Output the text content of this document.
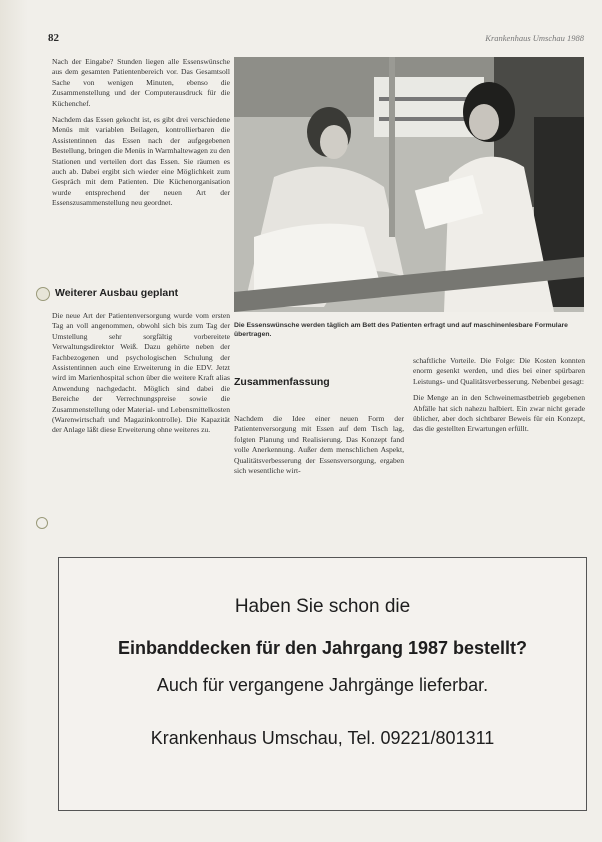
82	Krankenhaus Umschau 1988

Nach der Eingabe? Stunden liegen alle Essenswünsche aus dem gesamten Patientenbereich vor. Das Gesamtsoll Sache von wenigen Minuten, ebenso die Zusammenstellung und der Computerausdruck für die Küchenchef.

Nachdem das Essen gekocht ist, es gibt drei verschiedene Menüs mit variablen Beilagen, kontrollierbaren die Assistentinnen das Essen nach der aufgegebenen Bestellung, bringen die Menüs in Warmhaltewagen zu den Stationen und verteilen dort das Essen. Sie räumen es auch ab. Dabei ergibt sich wieder eine Möglichkeit zum Gespräch mit dem Patienten. Die Küchenorganisation wurde entsprechend der neuen Art der Essenszusammenstellung neu geordnet.

Weiterer Ausbau geplant

Die neue Art der Patientenversorgung wurde vom ersten Tag an voll angenommen, obwohl sich bis zum Tag der Umstellung sehr sorgfältig vorbereitete Verwaltungsdirektor Weiß. Dazu gehörte neben der Fachbezogenen und psychologischen Schulung der Assistentinnen auch eine Erweiterung in die EDV. Jetzt wird im Marienhospital schon über die weitere Kraft alias Anwendung nachgedacht. Möglich sind dabei die Bereiche der Verrechnungspreise sowie die Zusammenstellung oder Material- und Lebensmittelkosten (Warenwirtschaft und Magazinkontrolle). Die Kapazität der Anlage läßt diese Erweiterung ohne weiteres zu.

Die Essenswünsche werden täglich am Bett des Patienten erfragt und auf maschinenlesbare Formulare übertragen.
Zusammenfassung

Nachdem die Idee einer neuen Form der Patientenversorgung mit Essen auf dem Tisch lag, folgten Planung und Realisierung. Das Konzept fand volle Anerkennung. Außer dem menschlichen Aspekt, Qualitätsverbesserung der Essensversorgung, ergaben sich wesentliche wirt-

schaftliche Vorteile. Die Folge: Die Kosten konnten enorm gesenkt werden, und dies bei einer spürbaren Leistungs- und Qualitätsverbesserung. Nebenbei gesagt:

Die Menge an in den Schweinemastbetrieb gegebenen Abfälle hat sich nahezu halbiert. Ein zwar nicht gerade üblicher, aber doch sichtbarer Beweis für ein Konzept, das die gestellten Erwartungen erfüllt.

Haben Sie schon die
Einbanddecken für den Jahrgang 1987 bestellt?
Auch für vergangene Jahrgänge lieferbar.
Krankenhaus Umschau, Tel. 09221/801311
